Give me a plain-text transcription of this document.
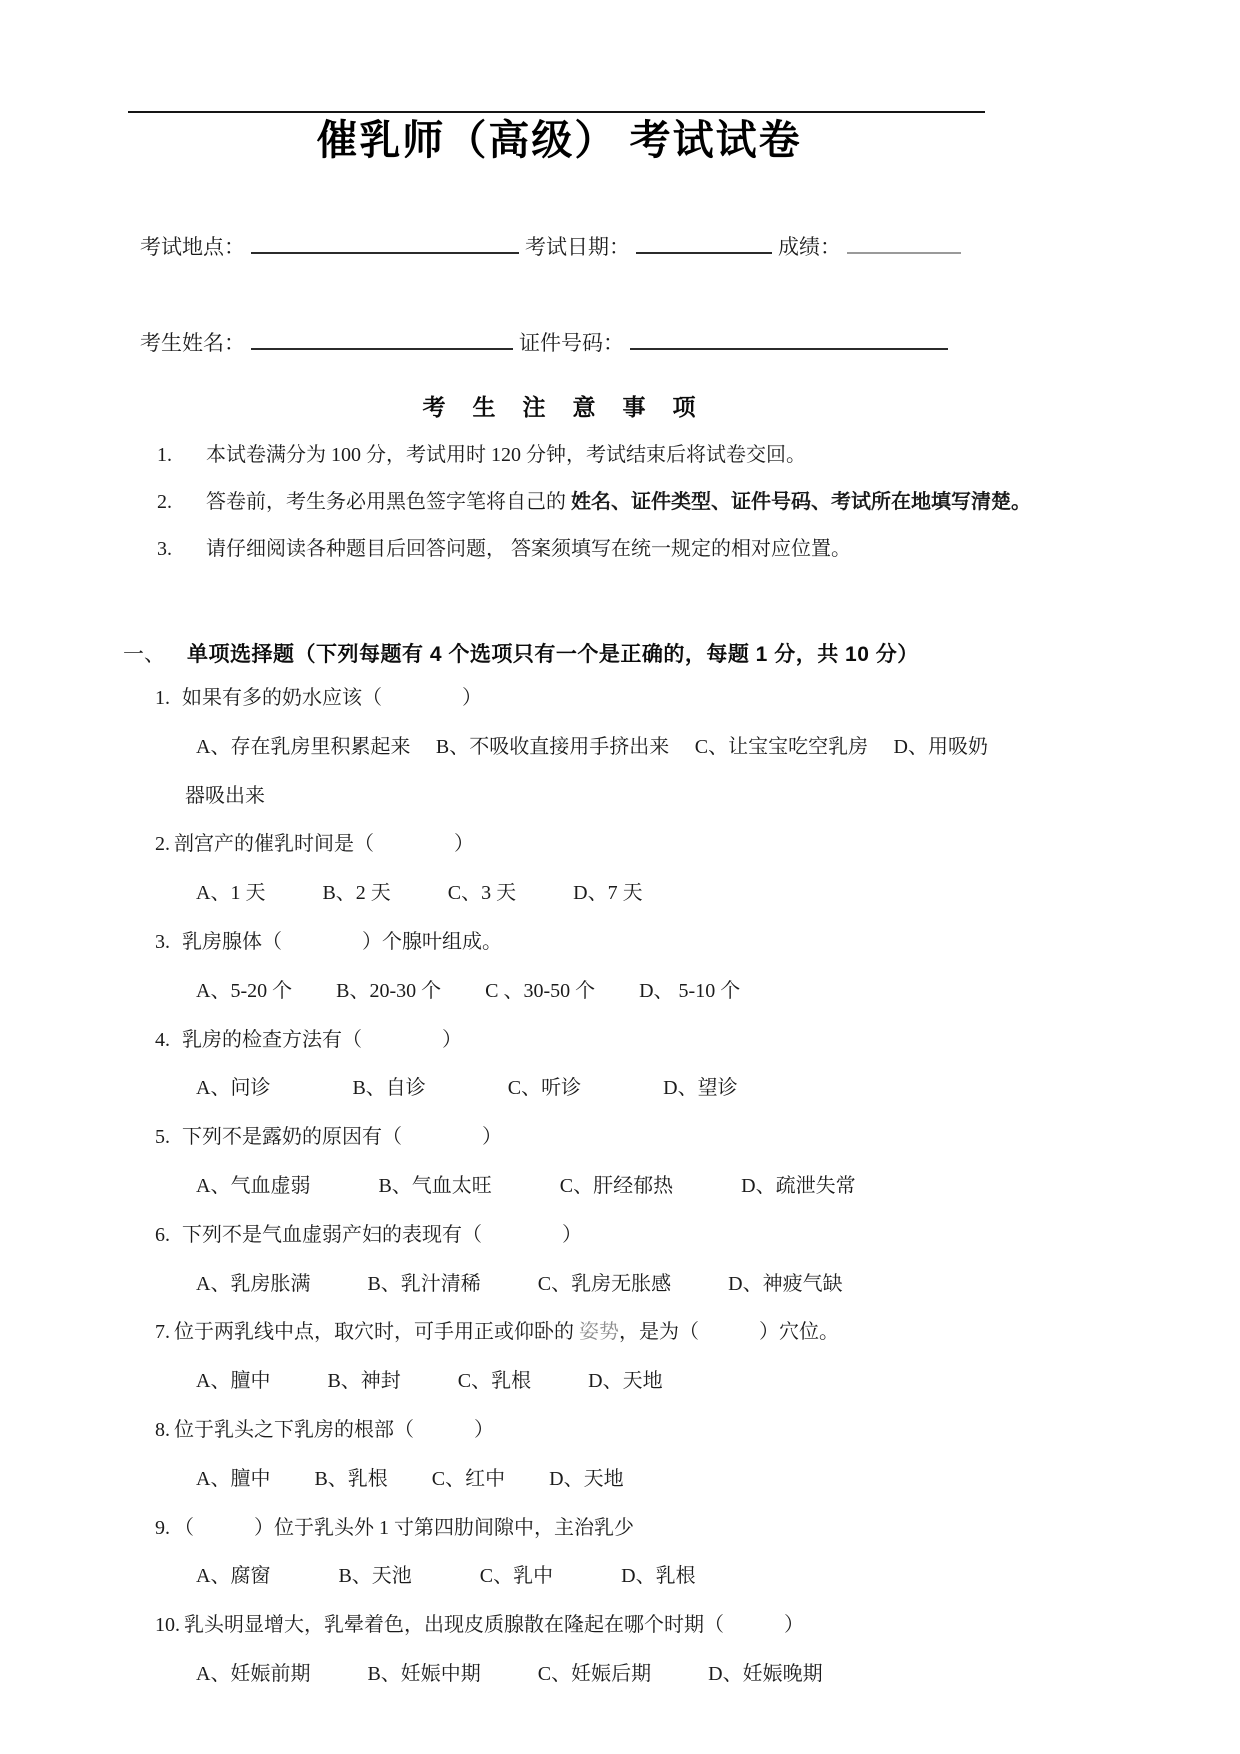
催乳师（高级） 考试试卷
考试地点：	考试日期：	成绩：
考生姓名：	证件号码：
考生注意事项
1. 本试卷满分为 100 分，考试用时 120 分钟，考试结束后将试卷交回。
2. 答卷前，考生务必用黑色签字笔将自己的 姓名、证件类型、证件号码、考试所在地填写清楚。
3. 请仔细阅读各种题目后回答问题， 答案须填写在统一规定的相对应位置。
一、 单项选择题（下列每题有 4 个选项只有一个是正确的，每题 1 分，共 10 分）
1. 如果有多的奶水应该（　　　　）
A、存在乳房里积累起来 B、不吸收直接用手挤出来 C、让宝宝吃空乳房 D、用吸奶
器吸出来
2. 剖宫产的催乳时间是（　　　　）
A、1 天	B、2 天	C、3 天	D、7 天
3. 乳房腺体（　　　　）个腺叶组成。
A、5-20 个 B、20-30 个 C 、30-50 个 D、 5-10 个
4. 乳房的检查方法有（　　　　）
A、问诊	B、自诊	C、听诊	D、望诊
5. 下列不是露奶的原因有（　　　　）
A、气血虚弱	B、气血太旺	C、肝经郁热	D、疏泄失常
6. 下列不是气血虚弱产妇的表现有（　　　　）
A、乳房胀满	B、乳汁清稀	C、乳房无胀感	D、神疲气缺
7. 位于两乳线中点，取穴时，可手用正或仰卧的 姿势，是为（　　　）穴位。
A、膻中	B、神封	C、乳根	D、天地
8. 位于乳头之下乳房的根部（　　　）
A、膻中 B、乳根 C、红中 D、天地
9. （　　　）位于乳头外 1 寸第四肋间隙中，主治乳少
A、腐窗	B、天池	C、乳中	D、乳根
10. 乳头明显增大，乳晕着色，出现皮质腺散在隆起在哪个时期（　　　）
A、妊娠前期	B、妊娠中期	C、妊娠后期	D、妊娠晚期
